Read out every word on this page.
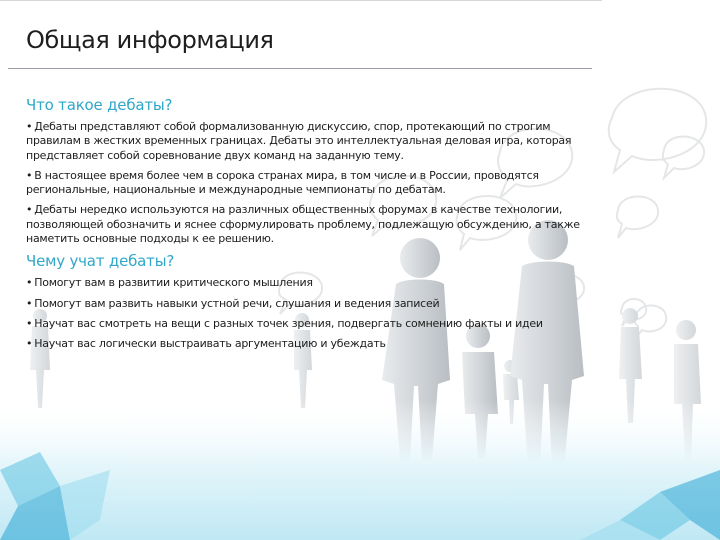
Общая информация
Что такое дебаты?

• Дебаты представляют собой формализованную дискуссию, спор, протекающий по строгим правилам в жестких временных границах. Дебаты это интеллектуальная деловая игра, которая представляет собой соревнование двух команд на заданную тему.

• В настоящее время более чем в сорока странах мира, в том числе и в России, проводятся региональные, национальные и международные чемпионаты по дебатам.

• Дебаты нередко используются на различных общественных форумах в качестве технологии, позволяющей обозначить и яснее сформулировать проблему, подлежащую обсуждению, а также наметить основные подходы к ее решению.

Чему учат дебаты?

• Помогут вам в развитии критического мышления

• Помогут вам развить навыки устной речи, слушания и ведения записей

• Научат вас смотреть на вещи с разных точек зрения, подвергать сомнению факты и идеи

• Научат вас логически выстраивать аргументацию и убеждать
